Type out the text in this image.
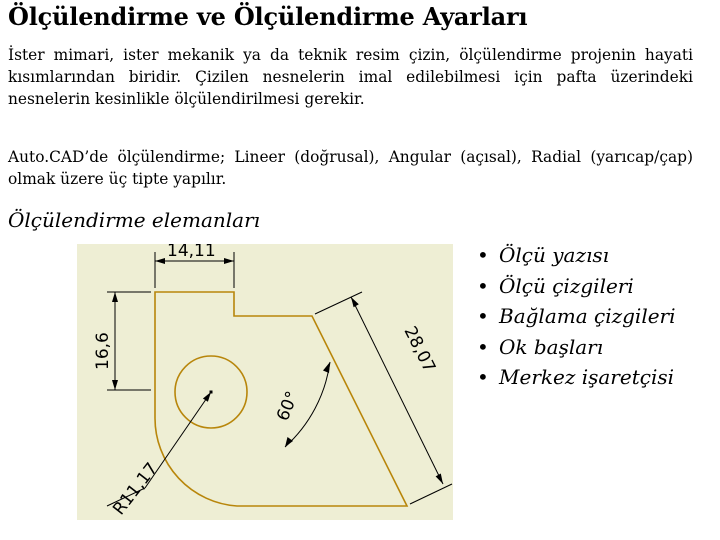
Ölçülendirme ve Ölçülendirme Ayarları
İster mimari, ister mekanik ya da teknik resim çizin, ölçülendirme projenin hayati kısımlarından biridir. Çizilen nesnelerin imal edilebilmesi için pafta üzerindeki nesnelerin kesinlikle ölçülendirilmesi gerekir.
Auto.CAD’de ölçülendirme; Lineer (doğrusal), Angular (açısal), Radial (yarıcap/çap) olmak üzere üç tipte yapılır.
Ölçülendirme elemanları
14,11
16,6	28,07
60°
R11,17
• Ölçü yazısı
• Ölçü çizgileri
• Bağlama çizgileri
• Ok başları
• Merkez işaretçisi
